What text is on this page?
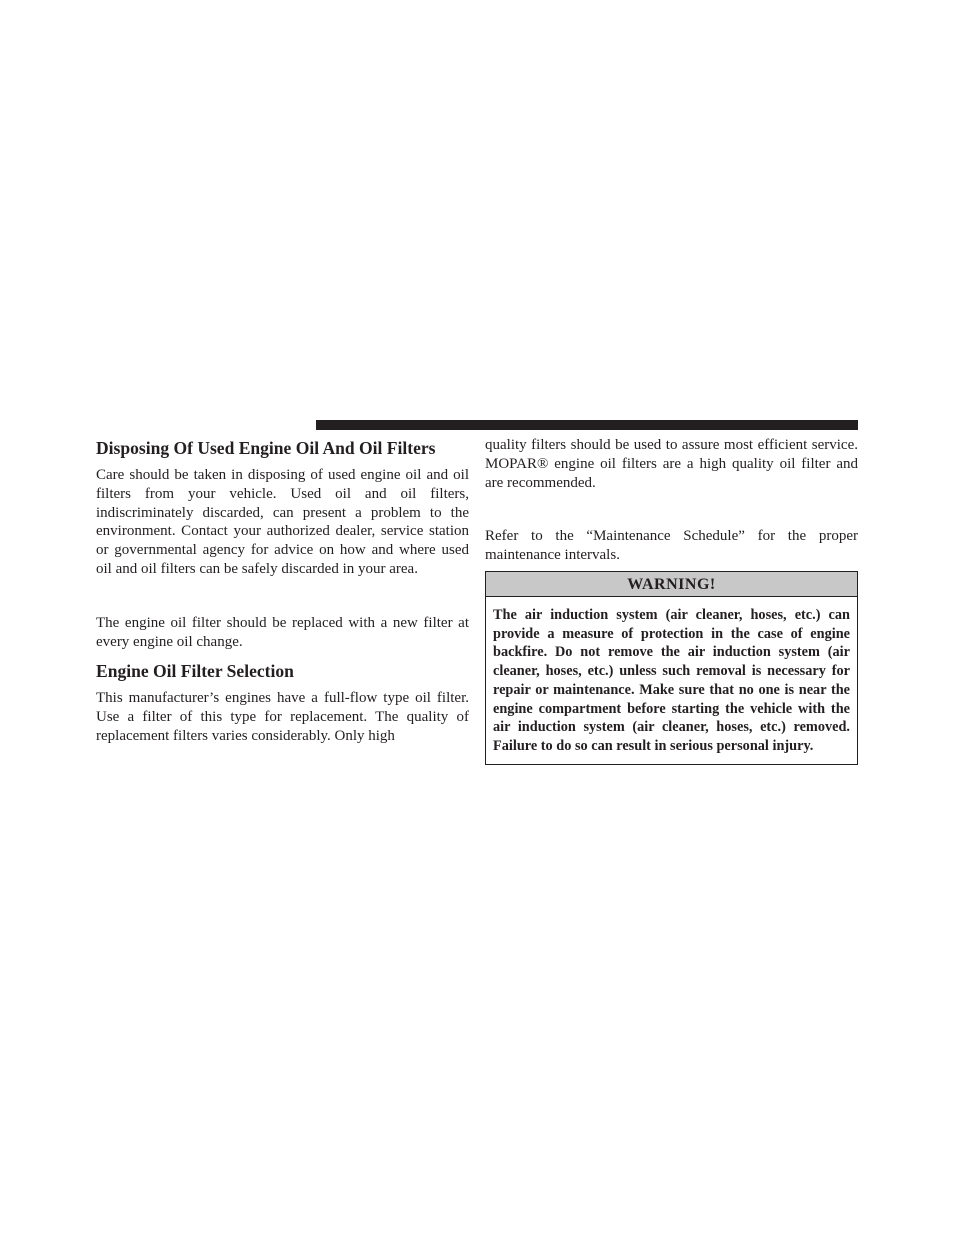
Disposing Of Used Engine Oil And Oil Filters

Care should be taken in disposing of used engine oil and oil filters from your vehicle. Used oil and oil filters, indiscriminately discarded, can present a problem to the environment. Contact your authorized dealer, service station or governmental agency for advice on how and where used oil and oil filters can be safely discarded in your area.

The engine oil filter should be replaced with a new filter at every engine oil change.

Engine Oil Filter Selection

This manufacturer’s engines have a full-flow type oil filter. Use a filter of this type for replacement. The quality of replacement filters varies considerably. Only high

quality filters should be used to assure most efficient service. MOPAR® engine oil filters are a high quality oil filter and are recommended.

Refer to the “Maintenance Schedule” for the proper maintenance intervals.

WARNING!
The air induction system (air cleaner, hoses, etc.) can provide a measure of protection in the case of engine backfire. Do not remove the air induction system (air cleaner, hoses, etc.) unless such removal is necessary for repair or maintenance. Make sure that no one is near the engine compartment before starting the vehicle with the air induction system (air cleaner, hoses, etc.) removed. Failure to do so can result in serious personal injury.
